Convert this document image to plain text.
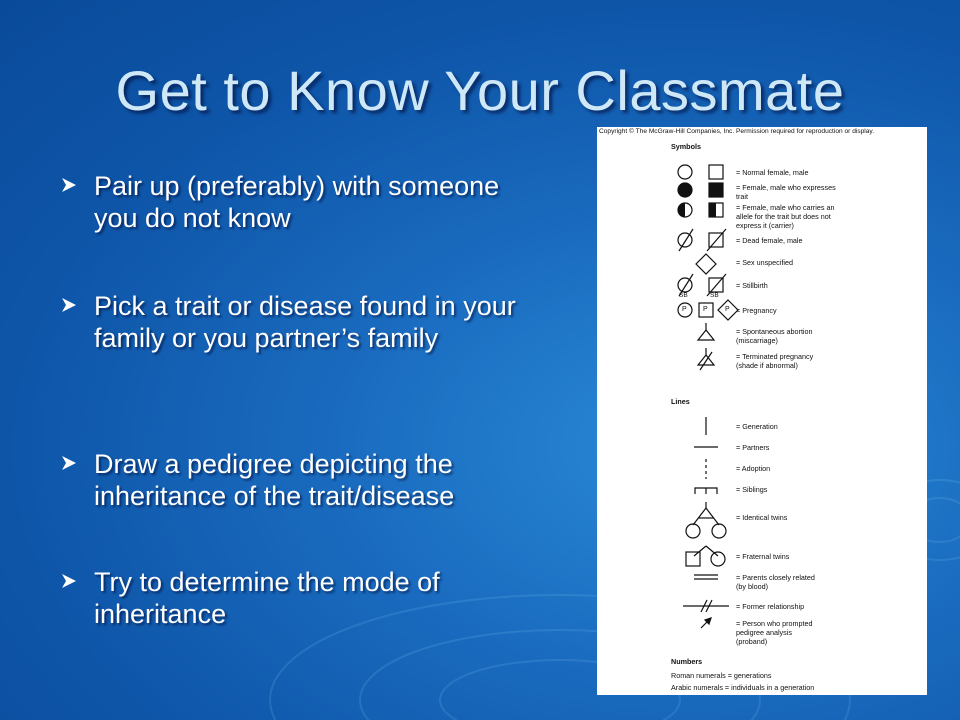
Get to Know Your Classmate
Pair up (preferably) with someone you do not know
Pick a trait or disease found in your family or you partner’s family
Draw a pedigree depicting the inheritance of the trait/disease
Try to determine the mode of inheritance
Copyright © The McGraw-Hill Companies, Inc. Permission required for reproduction or display.
Symbols
= Normal female, male
= Female, male who expresses
trait
= Female, male who carries an
allele for the trait but does not
express it (carrier)
= Dead female, male
= Sex unspecified
= Stillbirth
= Pregnancy
= Spontaneous abortion
(miscarriage)
= Terminated pregnancy
(shade if abnormal)
SB	SB
P P P
Lines
= Generation
= Partners
= Adoption
= Siblings
= Identical twins
= Fraternal twins
= Parents closely related
(by blood)
= Former relationship
= Person who prompted
pedigree analysis
(proband)
Numbers
Roman numerals = generations
Arabic numerals = individuals in a generation
